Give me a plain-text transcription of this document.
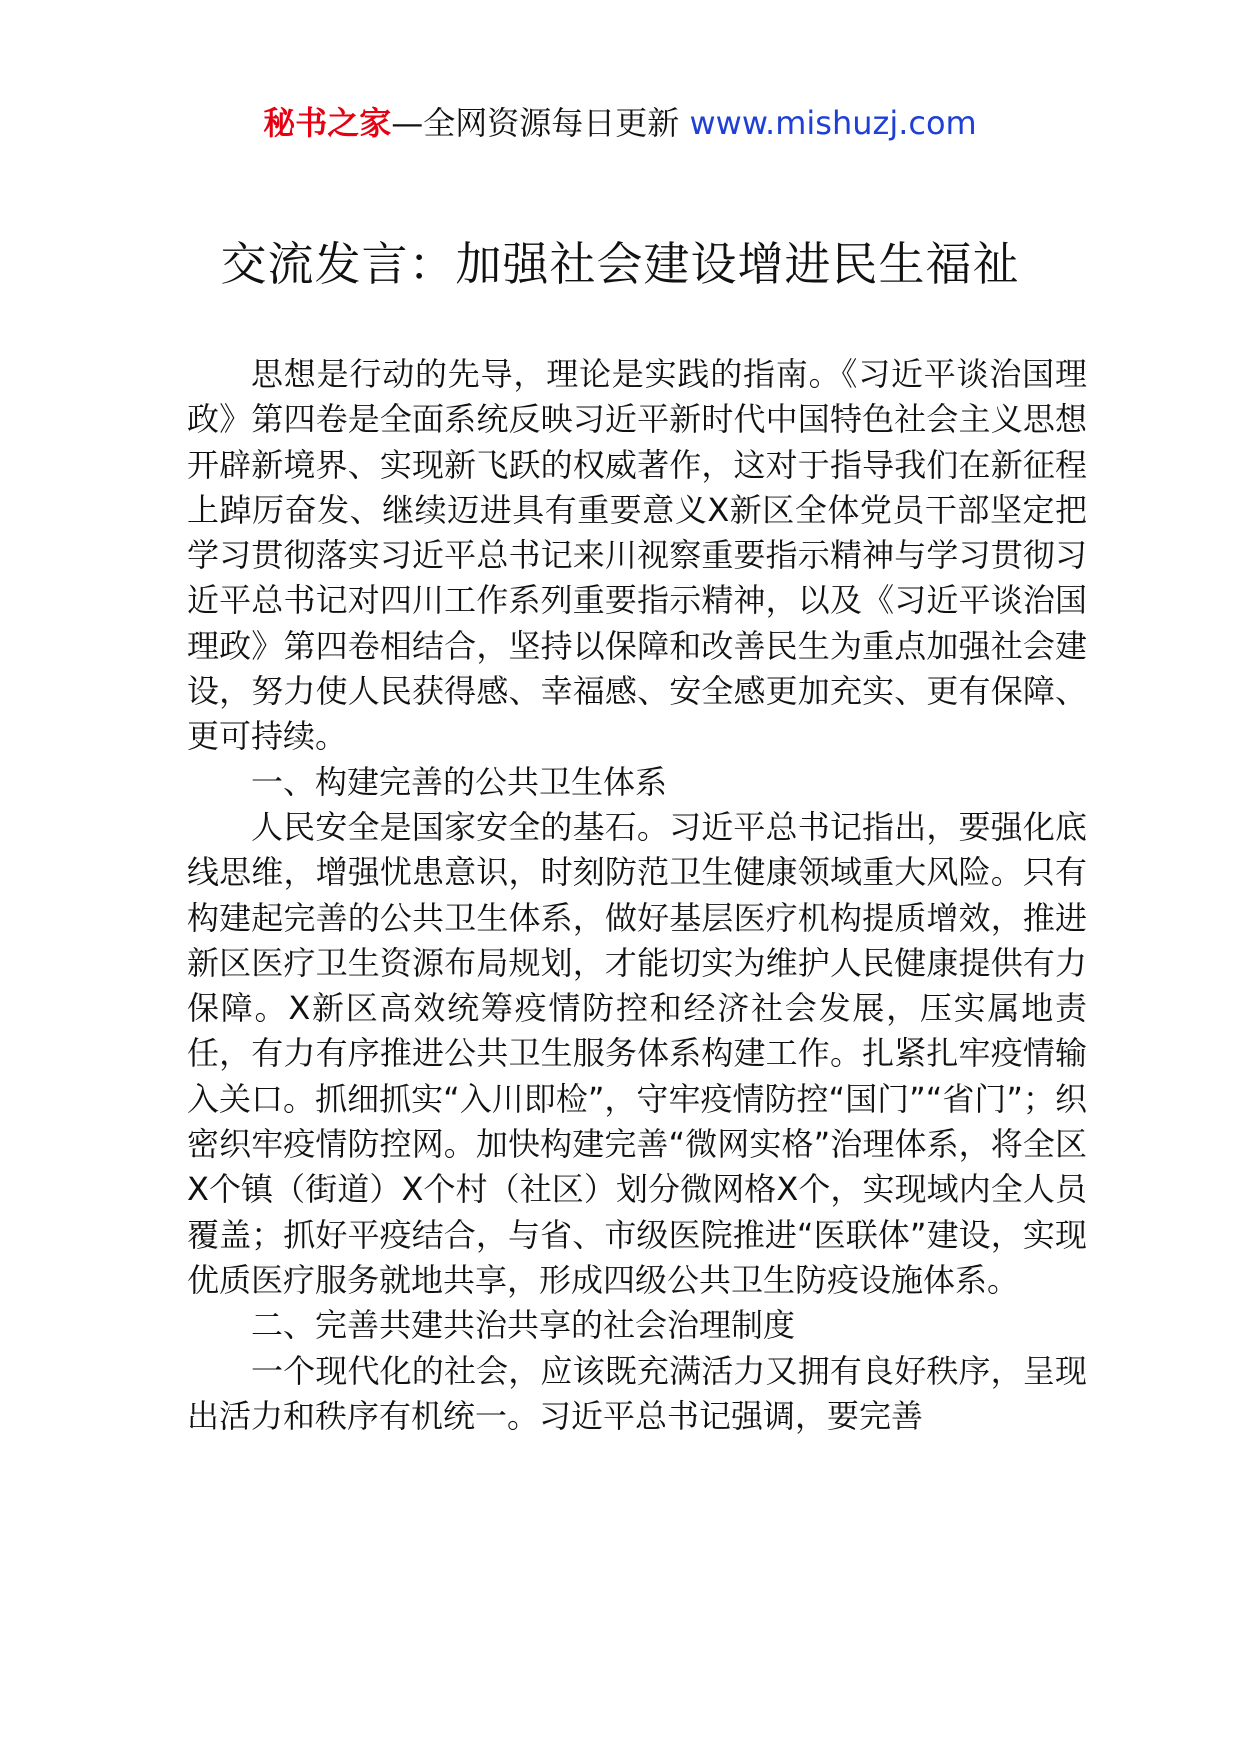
秘书之家—全网资源每日更新 www.mishuzj.com
交流发言：加强社会建设增进民生福祉

思想是行动的先导，理论是实践的指南。《习近平谈治国理政》第四卷是全面系统反映习近平新时代中国特色社会主义思想开辟新境界、实现新飞跃的权威著作，这对于指导我们在新征程上踔厉奋发、继续迈进具有重要意义X新区全体党员干部坚定把学习贯彻落实习近平总书记来川视察重要指示精神与学习贯彻习近平总书记对四川工作系列重要指示精神，以及《习近平谈治国理政》第四卷相结合，坚持以保障和改善民生为重点加强社会建设，努力使人民获得感、幸福感、安全感更加充实、更有保障、更可持续。

一、构建完善的公共卫生体系

人民安全是国家安全的基石。习近平总书记指出，要强化底线思维，增强忧患意识，时刻防范卫生健康领域重大风险。只有构建起完善的公共卫生体系，做好基层医疗机构提质增效，推进新区医疗卫生资源布局规划，才能切实为维护人民健康提供有力保障。X新区高效统筹疫情防控和经济社会发展，压实属地责任，有力有序推进公共卫生服务体系构建工作。扎紧扎牢疫情输入关口。抓细抓实“入川即检”，守牢疫情防控“国门”“省门”；织密织牢疫情防控网。加快构建完善“微网实格”治理体系，将全区X个镇（街道）X个村（社区）划分微网格X个，实现域内全人员覆盖；抓好平疫结合，与省、市级医院推进“医联体”建设，实现优质医疗服务就地共享，形成四级公共卫生防疫设施体系。

二、完善共建共治共享的社会治理制度

一个现代化的社会，应该既充满活力又拥有良好秩序，呈现出活力和秩序有机统一。习近平总书记强调，要完善
